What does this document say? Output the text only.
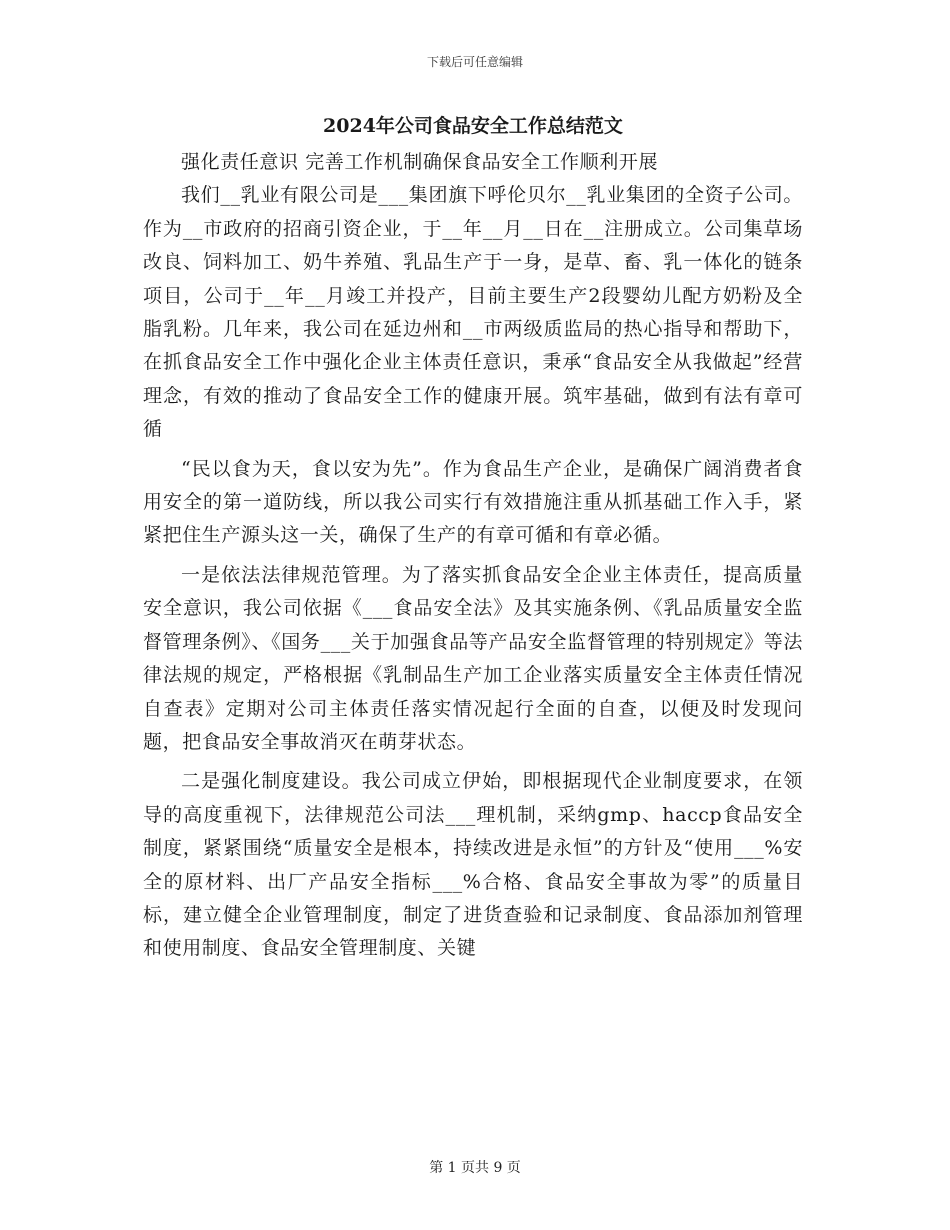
下载后可任意编辑
2024年公司食品安全工作总结范文

强化责任意识 完善工作机制确保食品安全工作顺利开展

我们__乳业有限公司是___集团旗下呼伦贝尔__乳业集团的全资子公司。作为__市政府的招商引资企业，于__年__月__日在__注册成立。公司集草场改良、饲料加工、奶牛养殖、乳品生产于一身，是草、畜、乳一体化的链条项目，公司于__年__月竣工并投产，目前主要生产2段婴幼儿配方奶粉及全脂乳粉。几年来，我公司在延边州和__市两级质监局的热心指导和帮助下，在抓食品安全工作中强化企业主体责任意识，秉承“食品安全从我做起”经营理念，有效的推动了食品安全工作的健康开展。筑牢基础，做到有法有章可循

“民以食为天，食以安为先”。作为食品生产企业，是确保广阔消费者食用安全的第一道防线，所以我公司实行有效措施注重从抓基础工作入手，紧紧把住生产源头这一关，确保了生产的有章可循和有章必循。

一是依法法律规范管理。为了落实抓食品安全企业主体责任，提高质量安全意识，我公司依据《___食品安全法》及其实施条例、《乳品质量安全监督管理条例》、《国务___关于加强食品等产品安全监督管理的特别规定》等法律法规的规定，严格根据《乳制品生产加工企业落实质量安全主体责任情况自查表》定期对公司主体责任落实情况起行全面的自查，以便及时发现问题，把食品安全事故消灭在萌芽状态。

二是强化制度建设。我公司成立伊始，即根据现代企业制度要求，在领导的高度重视下，法律规范公司法___理机制，采纳gmp、haccp食品安全制度，紧紧围绕“质量安全是根本，持续改进是永恒”的方针及“使用___%安全的原材料、出厂产品安全指标___%合格、食品安全事故为零”的质量目标，建立健全企业管理制度，制定了进货查验和记录制度、食品添加剂管理和使用制度、食品安全管理制度、关键

第 1 页共 9 页
